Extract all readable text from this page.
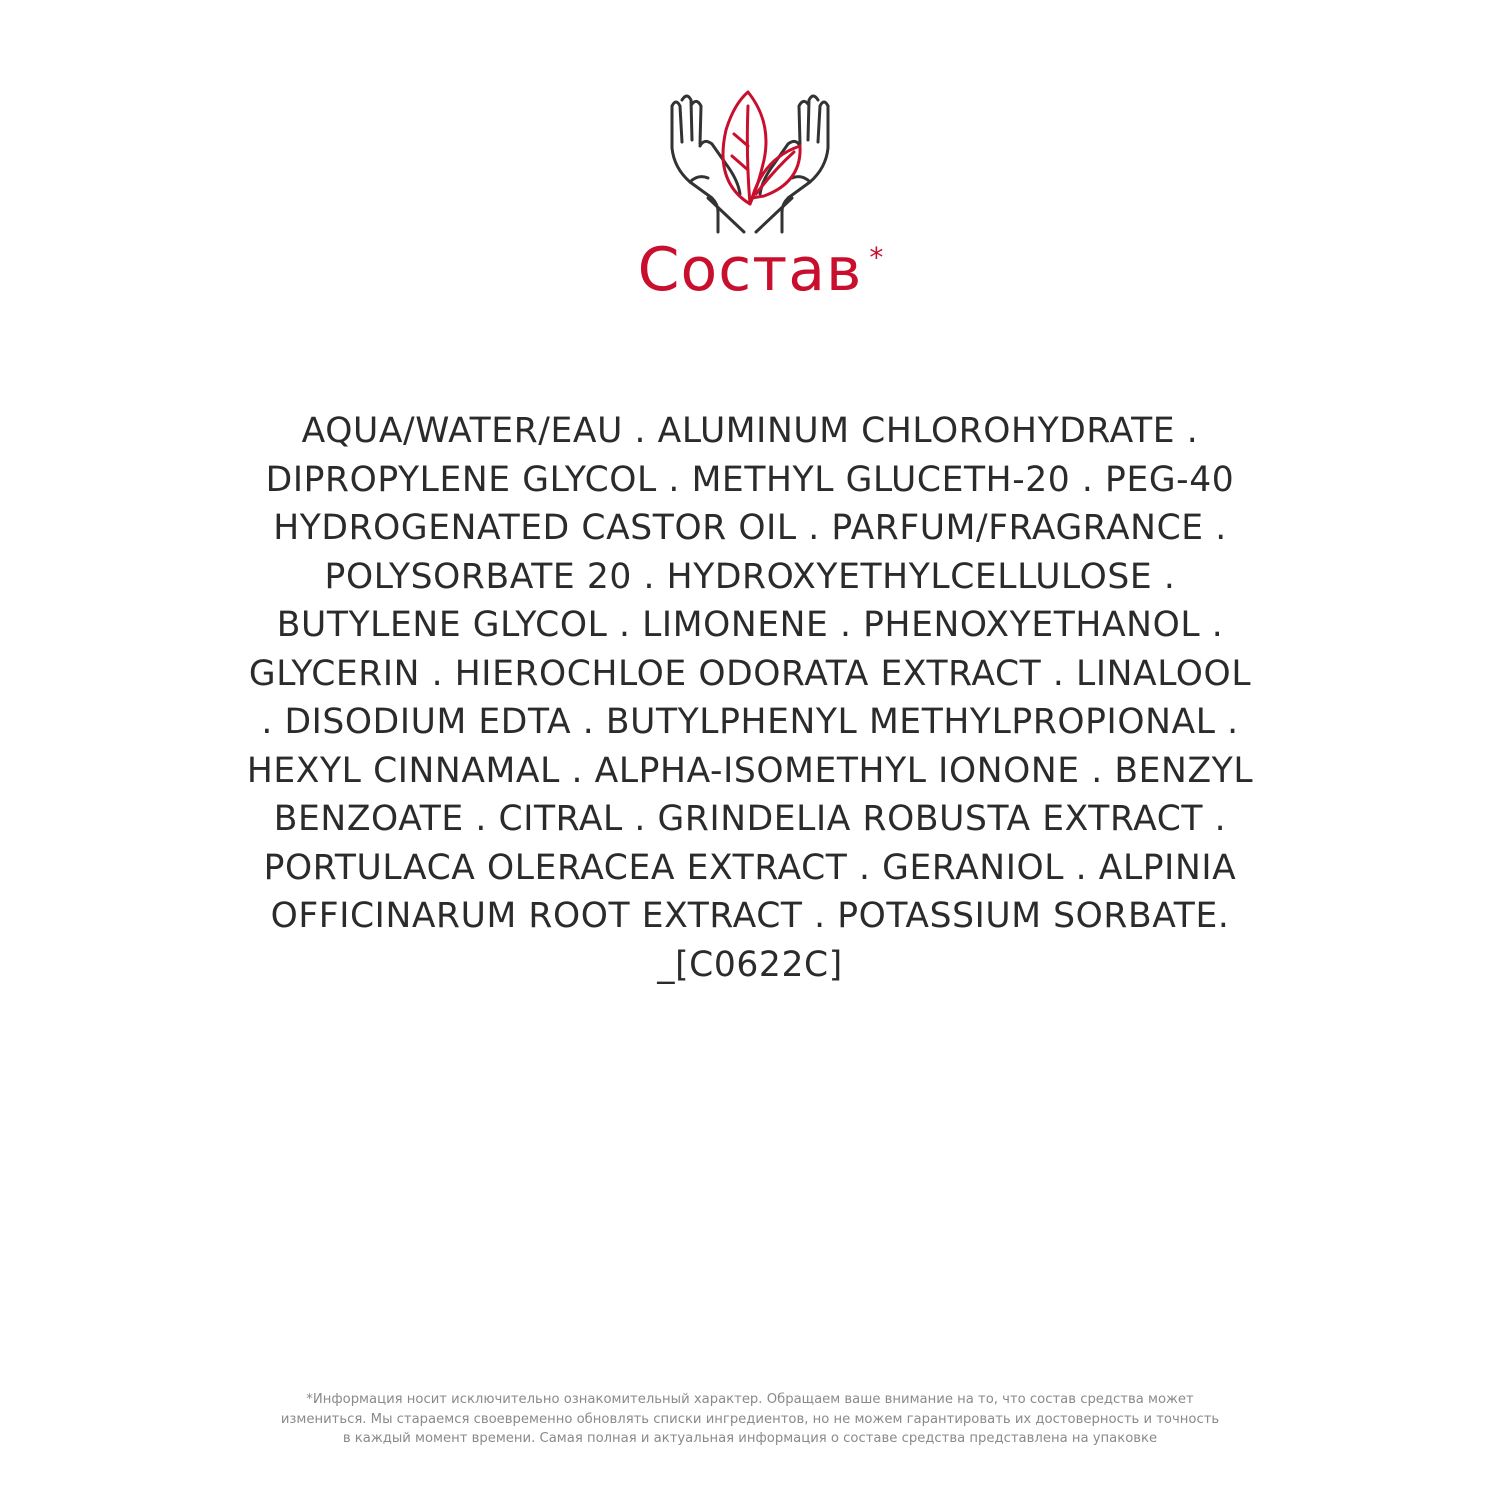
Состав *
AQUA/WATER/EAU . ALUMINUM CHLOROHYDRATE .
DIPROPYLENE GLYCOL . METHYL GLUCETH-20 . PEG-40
HYDROGENATED CASTOR OIL . PARFUM/FRAGRANCE .
POLYSORBATE 20 . HYDROXYETHYLCELLULOSE .
BUTYLENE GLYCOL . LIMONENE . PHENOXYETHANOL .
GLYCERIN . HIEROCHLOE ODORATA EXTRACT . LINALOOL
. DISODIUM EDTA . BUTYLPHENYL METHYLPROPIONAL .
HEXYL CINNAMAL . ALPHA-ISOMETHYL IONONE . BENZYL
BENZOATE . CITRAL . GRINDELIA ROBUSTA EXTRACT .
PORTULACA OLERACEA EXTRACT . GERANIOL . ALPINIA
OFFICINARUM ROOT EXTRACT . POTASSIUM SORBATE.
_[C0622C]
*Информация носит исключительно ознакомительный характер. Обращаем ваше внимание на то, что состав средства может
измениться. Мы стараемся своевременно обновлять списки ингредиентов, но не можем гарантировать их достоверность и точность
в каждый момент времени. Самая полная и актуальная информация о составе средства представлена на упаковке
